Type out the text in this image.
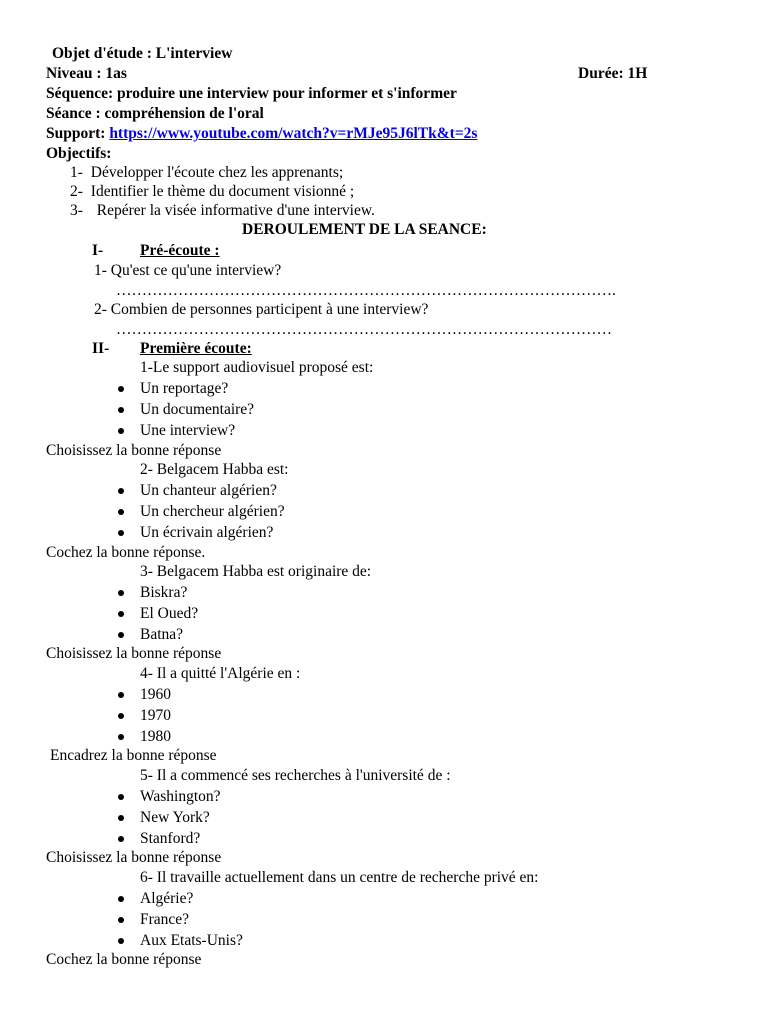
Objet d'étude : L'interview
Niveau : 1as	Durée: 1H
Séquence: produire une interview pour informer et s'informer
Séance : compréhension de l'oral
Support: https://www.youtube.com/watch?v=rMJe95J6lTk&t=2s
Objectifs:
1- Développer l'écoute chez les apprenants;
2- Identifier le thème du document visionné ;
3- Repérer la visée informative d'une interview.
DEROULEMENT DE LA SEANCE:
I- Pré-écoute :
1- Qu'est ce qu'une interview?
…………………………………………………………………………………….
2- Combien de personnes participent à une interview?
……………………………………………………………………………………
II- Première écoute:
1-Le support audiovisuel proposé est:
Un reportage?
Un documentaire?
Une interview?
Choisissez la bonne réponse
2- Belgacem Habba est:
Un chanteur algérien?
Un chercheur algérien?
Un écrivain algérien?
Cochez la bonne réponse.
3- Belgacem Habba est originaire de:
Biskra?
El Oued?
Batna?
Choisissez la bonne réponse
4- Il a quitté l'Algérie en :
1960
1970
1980
Encadrez la bonne réponse
5- Il a commencé ses recherches à l'université de :
Washington?
New York?
Stanford?
Choisissez la bonne réponse
6- Il travaille actuellement dans un centre de recherche privé en:
Algérie?
France?
Aux Etats-Unis?
Cochez la bonne réponse
